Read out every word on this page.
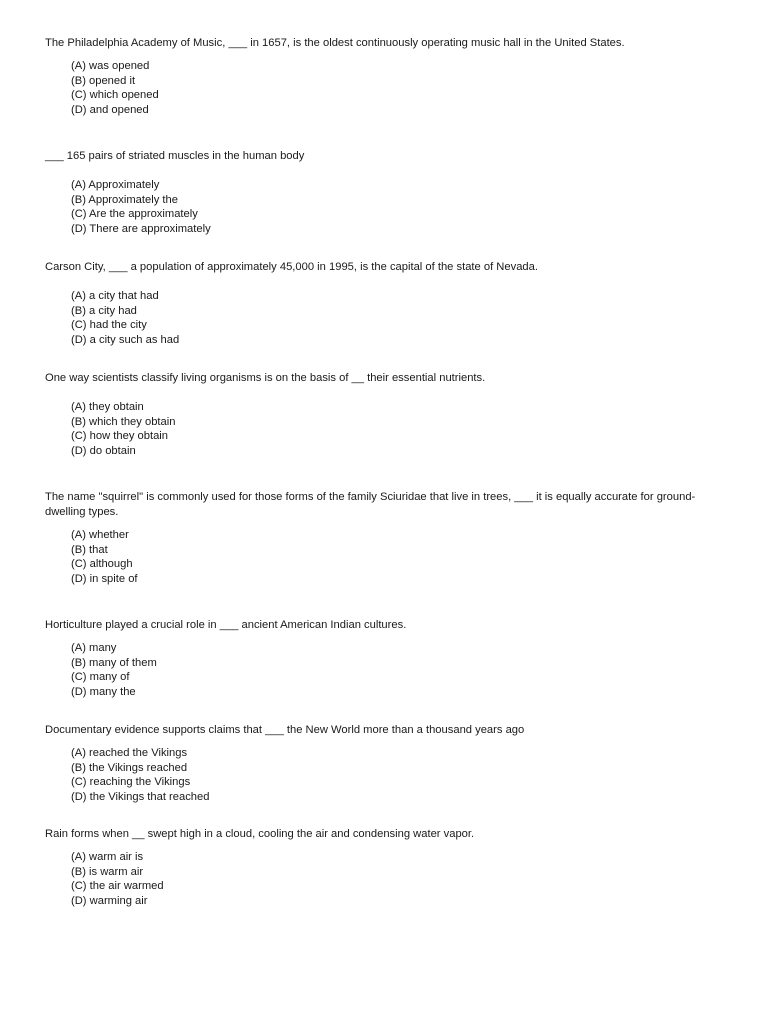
The Philadelphia Academy of Music, ___ in 1657, is the oldest continuously operating music hall in the United States.

(A) was opened
(B) opened it
(C) which opened
(D) and opened

___ 165 pairs of striated muscles in the human body

(A) Approximately
(B) Approximately the
(C) Are the approximately
(D) There are approximately

Carson City, ___ a population of approximately 45,000 in 1995, is the capital of the state of Nevada.

(A) a city that had
(B) a city had
(C) had the city
(D) a city such as had

One way scientists classify living organisms is on the basis of __ their essential nutrients.

(A) they obtain
(B) which they obtain
(C) how they obtain
(D) do obtain

The name "squirrel" is commonly used for those forms of the family Sciuridae that live in trees, ___ it is equally accurate for ground-dwelling types.

(A) whether
(B) that
(C) although
(D) in spite of

Horticulture played a crucial role in ___ ancient American Indian cultures.

(A) many
(B) many of them
(C) many of
(D) many the

Documentary evidence supports claims that ___ the New World more than a thousand years ago

(A) reached the Vikings
(B) the Vikings reached
(C) reaching the Vikings
(D) the Vikings that reached

Rain forms when __ swept high in a cloud, cooling the air and condensing water vapor.

(A) warm air is
(B) is warm air
(C) the air warmed
(D) warming air
